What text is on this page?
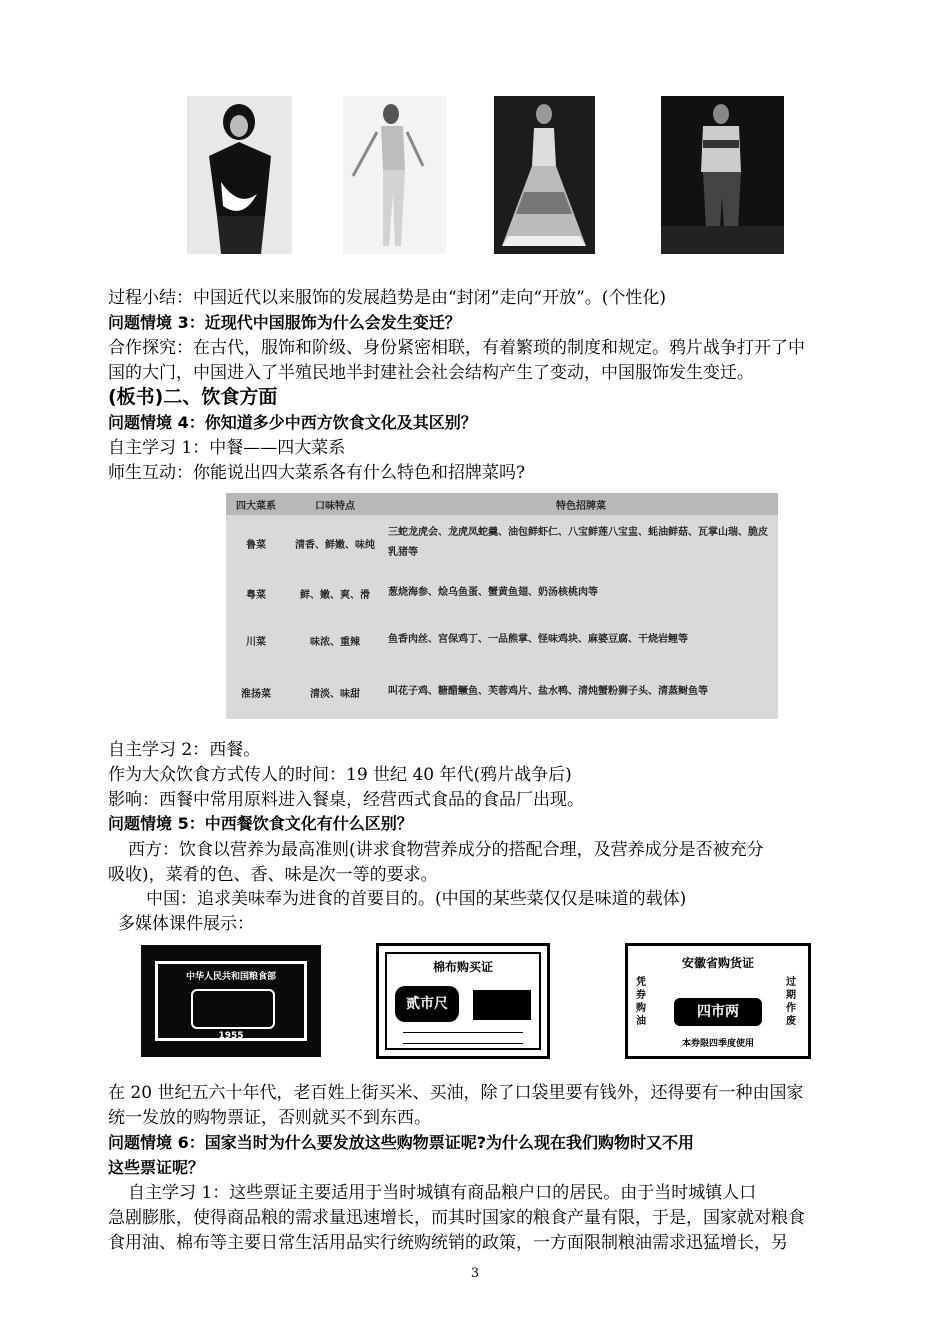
过程小结：中国近代以来服饰的发展趋势是由“封闭”走向“开放”。(个性化)
问题情境 3：近现代中国服饰为什么会发生变迁？
合作探究：在古代，服饰和阶级、身份紧密相联，有着繁琐的制度和规定。鸦片战争打开了中
国的大门，中国进入了半殖民地半封建社会社会结构产生了变动，中国服饰发生变迁。
(板书)二、饮食方面
问题情境 4：你知道多少中西方饮食文化及其区别？
自主学习 1：中餐——四大菜系
师生互动：你能说出四大菜系各有什么特色和招牌菜吗?
四大菜系	口味特点	特色招牌菜
鲁菜	清香、鲜嫩、味纯	三蛇龙虎会、龙虎凤蛇羹、油包鲜虾仁、八宝鲜莲八宝盅、蚝油鲜菇、瓦掌山瑞、脆皮乳猪等
粤菜	鲜、嫩、爽、滑	葱烧海参、烩乌鱼蛋、蟹黄鱼翅、奶汤核桃肉等
川菜	味浓、重辣	鱼香肉丝、宫保鸡丁、一品熊掌、怪味鸡块、麻婆豆腐、干烧岩鲤等
淮扬菜	清淡、味甜	叫花子鸡、糖醋鳜鱼、芙蓉鸡片、盐水鸭、清炖蟹粉狮子头、清蒸鲥鱼等
自主学习 2：西餐。
作为大众饮食方式传人的时间：19 世纪 40 年代(鸦片战争后)
影响：西餐中常用原料进入餐桌，经营西式食品的食品厂出现。
问题情境 5：中西餐饮食文化有什么区别？
西方：饮食以营养为最高准则(讲求食物营养成分的搭配合理，及营养成分是否被充分
吸收)，菜肴的色、香、味是次一等的要求。
中国：追求美味奉为进食的首要目的。(中国的某些菜仅仅是味道的载体)
多媒体课件展示：
中华人民共和国粮食部
1955
棉布购买证
贰市尺
安徽省购货证
凭券购油
过期作废
四市两
本券限四季度使用
在 20 世纪五六十年代，老百姓上街买米、买油，除了口袋里要有钱外，还得要有一种由国家
统一发放的购物票证，否则就买不到东西。
问题情境 6：国家当时为什么要发放这些购物票证呢?为什么现在我们购物时又不用
这些票证呢？
自主学习 1：这些票证主要适用于当时城镇有商品粮户口的居民。由于当时城镇人口
急剧膨胀，使得商品粮的需求量迅速增长，而其时国家的粮食产量有限，于是，国家就对粮食
食用油、棉布等主要日常生活用品实行统购统销的政策，一方面限制粮油需求迅猛增长，另
3
